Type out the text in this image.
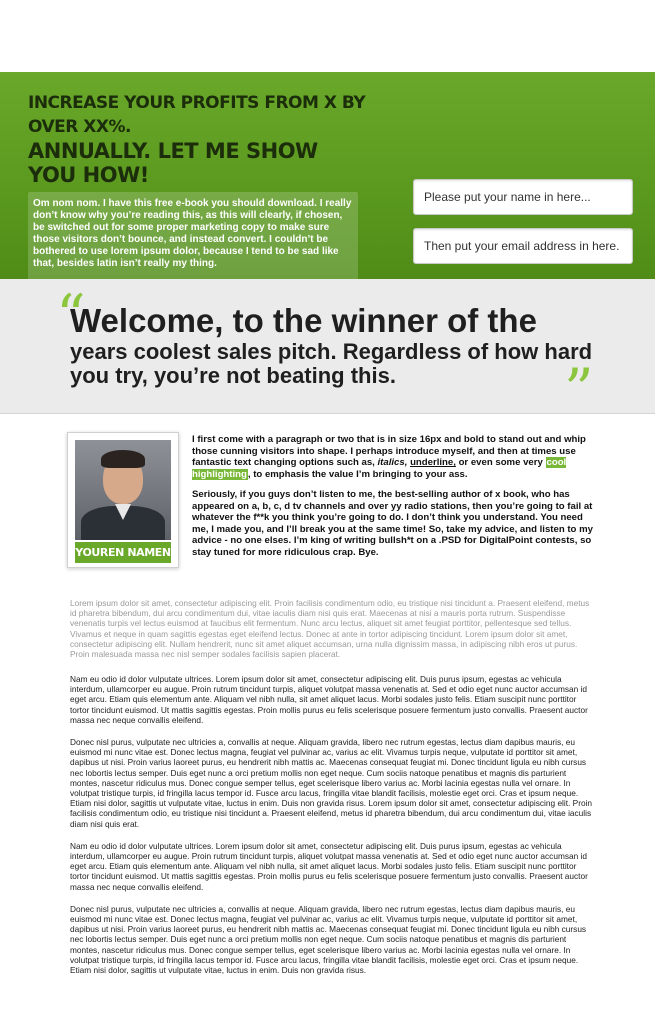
INCREASE YOUR PROFITS FROM X BY OVER XX%.
ANNUALLY. LET ME SHOW YOU HOW!

Om nom nom. I have this free e-book you should download. I really don’t know why you’re reading this, as this will clearly, if chosen, be switched out for some proper marketing copy to make sure those visitors don’t bounce, and instead convert. I couldn’t be bothered to use lorem ipsum dolor, because I tend to be sad like that, besides latin isn’t really my thing.

Please put your name in here...
Then put your email address in here.
“
Welcome, to the winner of the
years coolest sales pitch. Regardless of how hard you try, you’re not beating this.	”
YOUREN NAMEN

I first come with a paragraph or two that is in size 16px and bold to stand out and whip those cunning visitors into shape. I perhaps introduce myself, and then at times use fantastic text changing options such as, italics, underline, or even some very cool highlighting, to emphasis the value I’m bringing to your ass.

Seriously, if you guys don’t listen to me, the best-selling author of x book, who has appeared on a, b, c, d tv channels and over yy radio stations, then you’re going to fail at whatever the f**k you think you’re going to do. I don’t think you understand. You need me, I made you, and I’ll break you at the same time! So, take my advice, and listen to my advice - no one elses. I’m king of writing bullsh*t on a .PSD for DigitalPoint contests, so stay tuned for more ridiculous crap. Bye.

Lorem ipsum dolor sit amet, consectetur adipiscing elit. Proin facilisis condimentum odio, eu tristique nisi tincidunt a. Praesent eleifend, metus id pharetra bibendum, dui arcu condimentum dui, vitae iaculis diam nisi quis erat. Maecenas at nisi a mauris porta rutrum. Suspendisse venenatis turpis vel lectus euismod at faucibus elit fermentum. Nunc arcu lectus, aliquet sit amet feugiat porttitor, pellentesque sed tellus. Vivamus et neque in quam sagittis egestas eget eleifend lectus. Donec at ante in tortor adipiscing tincidunt. Lorem ipsum dolor sit amet, consectetur adipiscing elit. Nullam hendrerit, nunc sit amet aliquet accumsan, urna nulla dignissim massa, in adipiscing nibh eros ut purus. Proin malesuada massa nec nisl semper sodales facilisis sapien placerat.

Nam eu odio id dolor vulputate ultrices. Lorem ipsum dolor sit amet, consectetur adipiscing elit. Duis purus ipsum, egestas ac vehicula interdum, ullamcorper eu augue. Proin rutrum tincidunt turpis, aliquet volutpat massa venenatis at. Sed et odio eget nunc auctor accumsan id eget arcu. Etiam quis elementum ante. Aliquam vel nibh nulla, sit amet aliquet lacus. Morbi sodales justo felis. Etiam suscipit nunc porttitor tortor tincidunt euismod. Ut mattis sagittis egestas. Proin mollis purus eu felis scelerisque posuere fermentum justo convallis. Praesent auctor massa nec neque convallis eleifend.

Donec nisl purus, vulputate nec ultricies a, convallis at neque. Aliquam gravida, libero nec rutrum egestas, lectus diam dapibus mauris, eu euismod mi nunc vitae est. Donec lectus magna, feugiat vel pulvinar ac, varius ac elit. Vivamus turpis neque, vulputate id porttitor sit amet, dapibus ut nisi. Proin varius laoreet purus, eu hendrerit nibh mattis ac. Maecenas consequat feugiat mi. Donec tincidunt ligula eu nibh cursus nec lobortis lectus semper. Duis eget nunc a orci pretium mollis non eget neque. Cum sociis natoque penatibus et magnis dis parturient montes, nascetur ridiculus mus. Donec congue semper tellus, eget scelerisque libero varius ac. Morbi lacinia egestas nulla vel ornare. In volutpat tristique turpis, id fringilla lacus tempor id. Fusce arcu lacus, fringilla vitae blandit facilisis, molestie eget orci. Cras et ipsum neque. Etiam nisi dolor, sagittis ut vulputate vitae, luctus in enim. Duis non gravida risus. Lorem ipsum dolor sit amet, consectetur adipiscing elit. Proin facilisis condimentum odio, eu tristique nisi tincidunt a. Praesent eleifend, metus id pharetra bibendum, dui arcu condimentum dui, vitae iaculis diam nisi quis erat.

Nam eu odio id dolor vulputate ultrices. Lorem ipsum dolor sit amet, consectetur adipiscing elit. Duis purus ipsum, egestas ac vehicula interdum, ullamcorper eu augue. Proin rutrum tincidunt turpis, aliquet volutpat massa venenatis at. Sed et odio eget nunc auctor accumsan id eget arcu. Etiam quis elementum ante. Aliquam vel nibh nulla, sit amet aliquet lacus. Morbi sodales justo felis. Etiam suscipit nunc porttitor tortor tincidunt euismod. Ut mattis sagittis egestas. Proin mollis purus eu felis scelerisque posuere fermentum justo convallis. Praesent auctor massa nec neque convallis eleifend.

Donec nisl purus, vulputate nec ultricies a, convallis at neque. Aliquam gravida, libero nec rutrum egestas, lectus diam dapibus mauris, eu euismod mi nunc vitae est. Donec lectus magna, feugiat vel pulvinar ac, varius ac elit. Vivamus turpis neque, vulputate id porttitor sit amet, dapibus ut nisi. Proin varius laoreet purus, eu hendrerit nibh mattis ac. Maecenas consequat feugiat mi. Donec tincidunt ligula eu nibh cursus nec lobortis lectus semper. Duis eget nunc a orci pretium mollis non eget neque. Cum sociis natoque penatibus et magnis dis parturient montes, nascetur ridiculus mus. Donec congue semper tellus, eget scelerisque libero varius ac. Morbi lacinia egestas nulla vel ornare. In volutpat tristique turpis, id fringilla lacus tempor id. Fusce arcu lacus, fringilla vitae blandit facilisis, molestie eget orci. Cras et ipsum neque. Etiam nisi dolor, sagittis ut vulputate vitae, luctus in enim. Duis non gravida risus.
